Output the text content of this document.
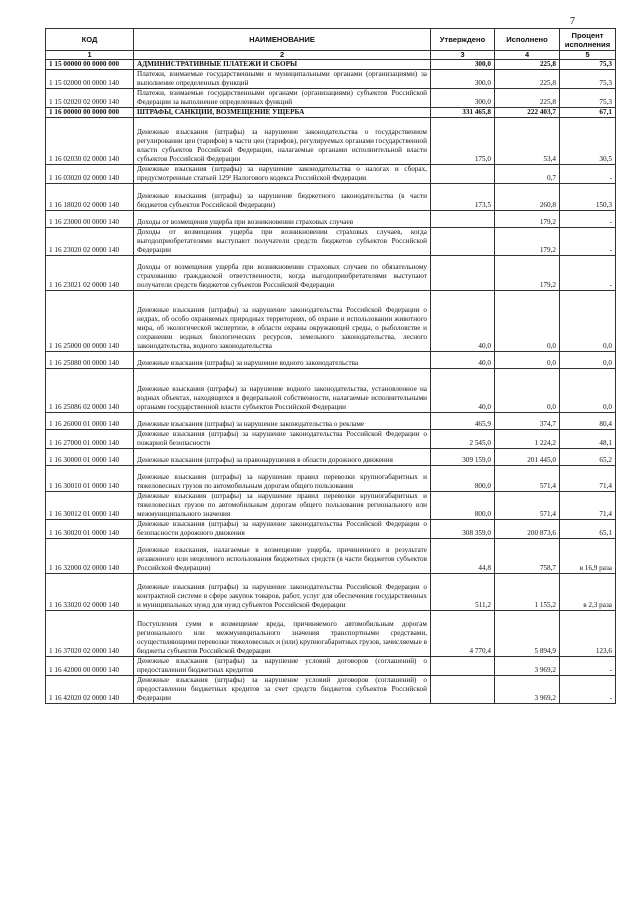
7
КОД	НАИМЕНОВАНИЕ	Утверждено	Исполнено	Процент исполнения
1	2	3	4	5
1 15 00000 00 0000 000	АДМИНИСТРАТИВНЫЕ ПЛАТЕЖИ И СБОРЫ	300,0	225,8	75,3
1 15 02000 00 0000 140	Платежи, взимаемые государственными и муниципальными органами (организациями) за выполнение определенных функций	300,0	225,8	75,3
1 15 02020 02 0000 140	Платежи, взимаемые государственными органами (организациями) субъектов Российской Федерации за выполнение определенных функций	300,0	225,8	75,3
1 16 00000 00 0000 000	ШТРАФЫ, САНКЦИИ, ВОЗМЕЩЕНИЕ УЩЕРБА	331 465,8	222 403,7	67,1
1 16 02030 02 0000 140	Денежные взыскания (штрафы) за нарушение законодательства о государственном регулировании цен (тарифов) в части цен (тарифов), регулируемых органами государственной власти субъектов Российской Федерации, налагаемые органами исполнительной власти субъектов Российской Федерации	175,0	53,4	30,5
1 16 03020 02 0000 140	Денежные взыскания (штрафы) за нарушение законодательства о налогах и сборах, предусмотренные статьей 129² Налогового кодекса Российской Федерации		0,7	-
1 16 18020 02 0000 140	Денежные взыскания (штрафы) за нарушение бюджетного законодательства (в части бюджетов субъектов Российской Федерации)	173,5	260,8	150,3
1 16 23000 00 0000 140	Доходы от возмещения ущерба при возникновении страховых случаев		179,2	-
1 16 23020 02 0000 140	Доходы от возмещения ущерба при возникновении страховых случаев, когда выгодоприобретателями выступают получатели средств бюджетов субъектов Российской Федерации		179,2	-
1 16 23021 02 0000 140	Доходы от возмещения ущерба при возникновении страховых случаев по обязательному страхованию гражданской ответственности, когда выгодоприобретателями выступают получатели средств бюджетов субъектов Российской Федерации		179,2	-
1 16 25000 00 0000 140	Денежные взыскания (штрафы) за нарушение законодательства Российской Федерации о недрах, об особо охраняемых природных территориях, об охране и использовании животного мира, об экологической экспертизе, в области охраны окружающей среды, о рыболовстве и сохранении водных биологических ресурсов, земельного законодательства, лесного законодательства, водного законодательства	40,0	0,0	0,0
1 16 25080 00 0000 140	Денежные взыскания (штрафы) за нарушение водного законодательства	40,0	0,0	0,0
1 16 25086 02 0000 140	Денежные взыскания (штрафы) за нарушение водного законодательства, установленное на водных объектах, находящихся в федеральной собственности, налагаемые исполнительными органами государственной власти субъектов Российской Федерации	40,0	0,0	0,0
1 16 26000 01 0000 140	Денежные взыскания (штрафы) за нарушение законодательства о рекламе	465,9	374,7	80,4
1 16 27000 01 0000 140	Денежные взыскания (штрафы) за нарушение законодательства Российской Федерации о пожарной безопасности	2 545,0	1 224,2	48,1
1 16 30000 01 0000 140	Денежные взыскания (штрафы) за правонарушения в области дорожного движения	309 159,0	201 445,0	65,2
1 16 30010 01 0000 140	Денежные взыскания (штрафы) за нарушение правил перевозки крупногабаритных и тяжеловесных грузов по автомобильным дорогам общего пользования	800,0	571,4	71,4
1 16 30012 01 0000 140	Денежные взыскания (штрафы) за нарушение правил перевозки крупногабаритных и тяжеловесных грузов по автомобильным дорогам общего пользования регионального или межмуниципального значения	800,0	571,4	71,4
1 16 30020 01 0000 140	Денежные взыскания (штрафы) за нарушение законодательства Российской Федерации о безопасности дорожного движения	308 359,0	200 873,6	65,1
1 16 32000 02 0000 140	Денежные взыскания, налагаемые в возмещение ущерба, причиненного в результате незаконного или нецелевого использования бюджетных средств (в части бюджетов субъектов Российской Федерации)	44,8	758,7	в 16,9 раза
1 16 33020 02 0000 140	Денежные взыскания (штрафы) за нарушение законодательства Российской Федерации о контрактной системе в сфере закупок товаров, работ, услуг для обеспечения государственных и муниципальных нужд для нужд субъектов Российской Федерации	511,2	1 155,2	в 2,3 раза
1 16 37020 02 0000 140	Поступления сумм в возмещение вреда, причиняемого автомобильным дорогам регионального или межмуниципального значения транспортными средствами, осуществляющими перевозки тяжеловесных и (или) крупногабаритных грузов, зачисляемые в бюджеты субъектов Российской Федерации	4 770,4	5 894,9	123,6
1 16 42000 00 0000 140	Денежные взыскания (штрафы) за нарушение условий договоров (соглашений) о предоставлении бюджетных кредитов		3 969,2	-
1 16 42020 02 0000 140	Денежные взыскания (штрафы) за нарушение условий договоров (соглашений) о предоставлении бюджетных кредитов за счет средств бюджетов субъектов Российской Федерации		3 969,2	-
